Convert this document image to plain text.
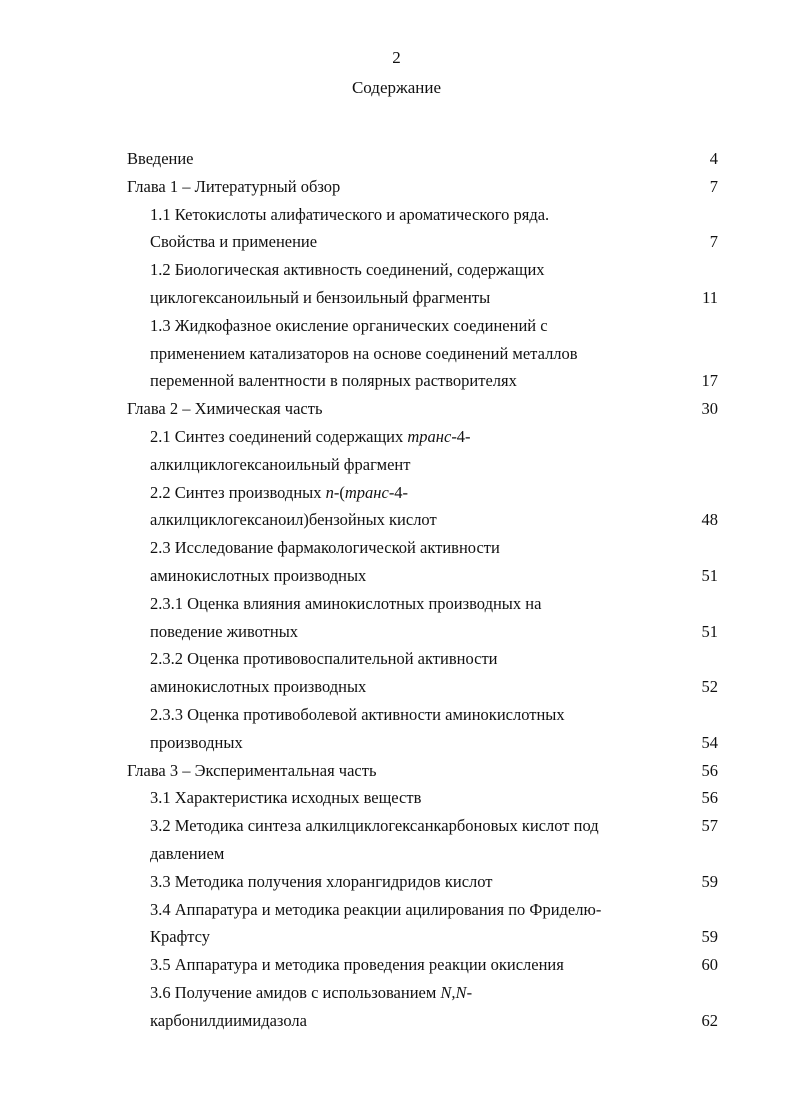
2
Содержание
Введение	4
Глава 1 – Литературный обзор	7
1.1 Кетокислоты алифатического и ароматического ряда.
Свойства и применение	7
1.2 Биологическая активность соединений, содержащих
циклогексаноильный и бензоильный фрагменты	11
1.3 Жидкофазное окисление органических соединений с
применением катализаторов на основе соединений металлов
переменной валентности в полярных растворителях	17
Глава 2 – Химическая часть	30
2.1 Синтез соединений содержащих транс-4-
алкилциклогексаноильный фрагмент
2.2 Синтез производных п-(транс-4-
алкилциклогексаноил)бензойных кислот	48
2.3 Исследование фармакологической активности
аминокислотных производных	51
2.3.1 Оценка влияния аминокислотных производных на
поведение животных	51
2.3.2 Оценка противовоспалительной активности
аминокислотных производных	52
2.3.3 Оценка противоболевой активности аминокислотных
производных	54
Глава 3 – Экспериментальная часть	56
3.1 Характеристика исходных веществ	56
3.2 Методика синтеза алкилциклогексанкарбоновых кислот под	57
давлением
3.3 Методика получения хлорангидридов кислот	59
3.4 Аппаратура и методика реакции ацилирования по Фриделю-
Крафтсу	59
3.5 Аппаратура и методика проведения реакции окисления	60
3.6 Получение амидов с использованием N,N-
карбонилдиимидазола	62
